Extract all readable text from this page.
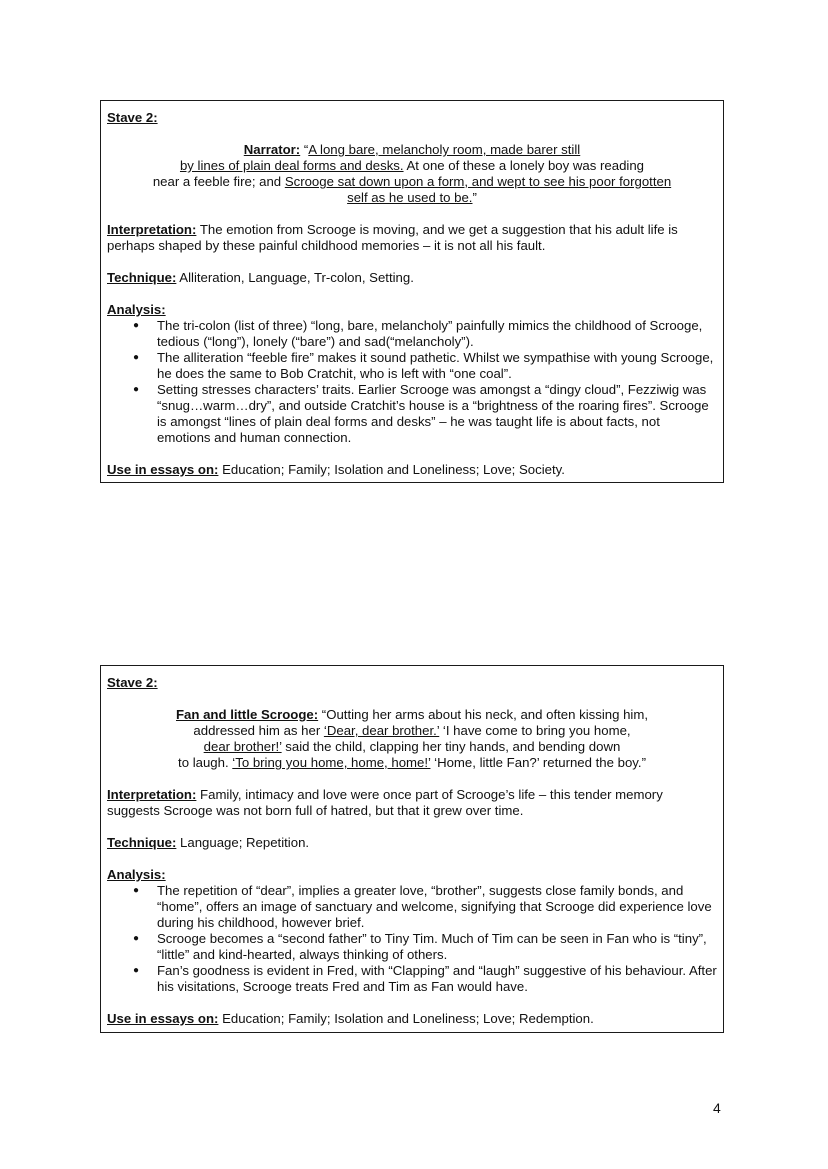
Stave 2:
Narrator: “A long bare, melancholy room, made barer still
by lines of plain deal forms and desks. At one of these a lonely boy was reading
near a feeble fire; and Scrooge sat down upon a form, and wept to see his poor forgotten
self as he used to be.”
Interpretation: The emotion from Scrooge is moving, and we get a suggestion that his adult life is perhaps shaped by these painful childhood memories – it is not all his fault.
Technique: Alliteration, Language, Tr-colon, Setting.
Analysis:
● The tri-colon (list of three) “long, bare, melancholy” painfully mimics the childhood of Scrooge, tedious (“long”), lonely (“bare”) and sad(“melancholy”).
● The alliteration “feeble fire” makes it sound pathetic. Whilst we sympathise with young Scrooge, he does the same to Bob Cratchit, who is left with “one coal”.
● Setting stresses characters’ traits. Earlier Scrooge was amongst a “dingy cloud”, Fezziwig was “snug…warm…dry”, and outside Cratchit’s house is a “brightness of the roaring fires”. Scrooge is amongst “lines of plain deal forms and desks” – he was taught life is about facts, not emotions and human connection.
Use in essays on: Education; Family; Isolation and Loneliness; Love; Society.
Stave 2:
Fan and little Scrooge: “Outting her arms about his neck, and often kissing him,
addressed him as her ‘Dear, dear brother.’ ‘I have come to bring you home,
dear brother!’ said the child, clapping her tiny hands, and bending down
to laugh. ‘To bring you home, home, home!’ ‘Home, little Fan?’ returned the boy.”
Interpretation: Family, intimacy and love were once part of Scrooge’s life – this tender memory suggests Scrooge was not born full of hatred, but that it grew over time.
Technique: Language; Repetition.
Analysis:
● The repetition of “dear”, implies a greater love, “brother”, suggests close family bonds, and “home”, offers an image of sanctuary and welcome, signifying that Scrooge did experience love during his childhood, however brief.
● Scrooge becomes a “second father” to Tiny Tim. Much of Tim can be seen in Fan who is “tiny”, “little” and kind-hearted, always thinking of others.
● Fan’s goodness is evident in Fred, with “Clapping” and “laugh” suggestive of his behaviour. After his visitations, Scrooge treats Fred and Tim as Fan would have.
Use in essays on: Education; Family; Isolation and Loneliness; Love; Redemption.
4
